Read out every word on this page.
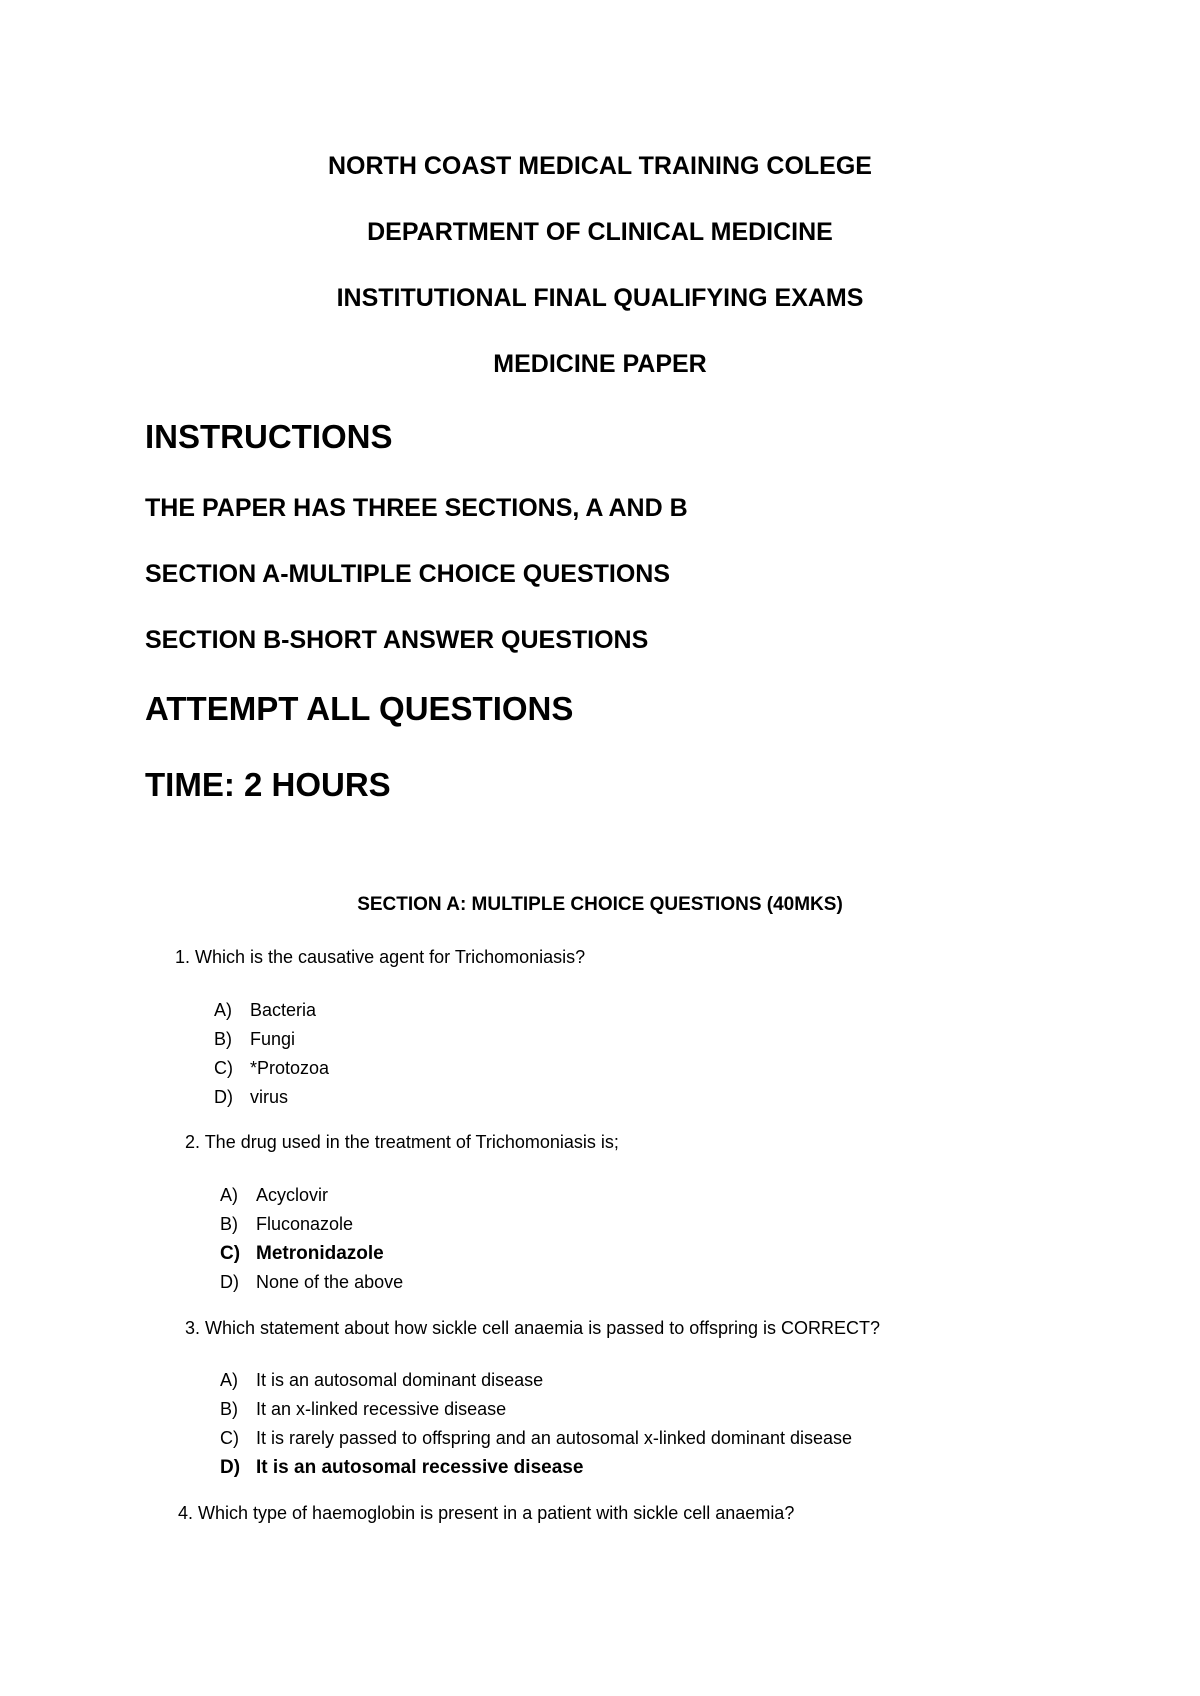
NORTH COAST MEDICAL TRAINING COLEGE
DEPARTMENT OF CLINICAL MEDICINE
INSTITUTIONAL FINAL QUALIFYING EXAMS
MEDICINE PAPER
INSTRUCTIONS
THE PAPER HAS THREE SECTIONS, A AND B
SECTION A-MULTIPLE CHOICE QUESTIONS
SECTION B-SHORT ANSWER QUESTIONS
ATTEMPT ALL QUESTIONS
TIME: 2 HOURS
SECTION A: MULTIPLE CHOICE QUESTIONS (40MKS)
1. Which is the causative agent for Trichomoniasis?
A) Bacteria
B) Fungi
C) *Protozoa
D) virus
2. The drug used in the treatment of Trichomoniasis is;
A) Acyclovir
B) Fluconazole
C) Metronidazole
D) None of the above
3. Which statement about how sickle cell anaemia is passed to offspring is CORRECT?
A) It is an autosomal dominant disease
B) It an x-linked recessive disease
C) It is rarely passed to offspring and an autosomal x-linked dominant disease
D) It is an autosomal recessive disease
4. Which type of haemoglobin is present in a patient with sickle cell anaemia?
